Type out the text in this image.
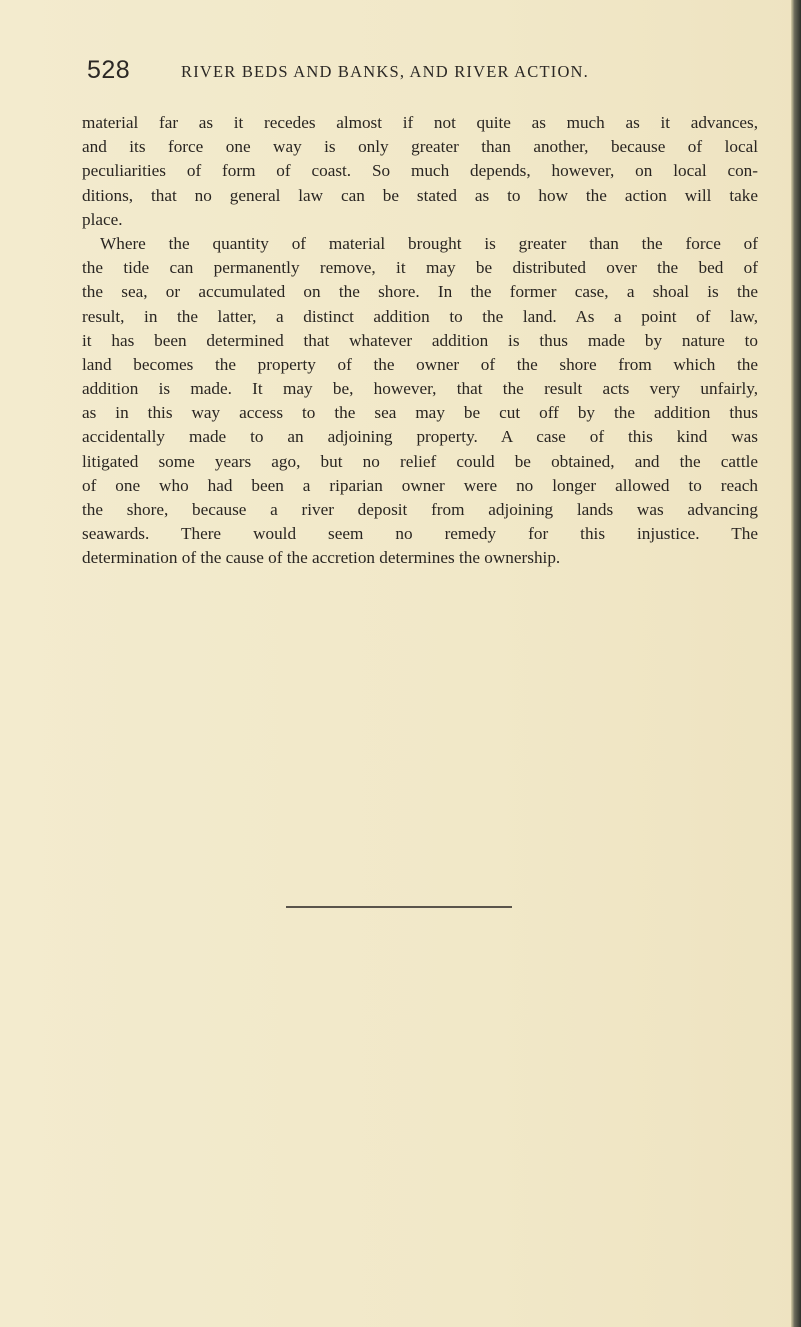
528	RIVER BEDS AND BANKS, AND RIVER ACTION.
material far as it recedes almost if not quite as much as it advances,
and its force one way is only greater than another, because of local
peculiarities of form of coast. So much depends, however, on local con-
ditions, that no general law can be stated as to how the action will take
place.
Where the quantity of material brought is greater than the force of
the tide can permanently remove, it may be distributed over the bed of
the sea, or accumulated on the shore. In the former case, a shoal is the
result, in the latter, a distinct addition to the land. As a point of law,
it has been determined that whatever addition is thus made by nature to
land becomes the property of the owner of the shore from which the
addition is made. It may be, however, that the result acts very unfairly,
as in this way access to the sea may be cut off by the addition thus
accidentally made to an adjoining property. A case of this kind was
litigated some years ago, but no relief could be obtained, and the cattle
of one who had been a riparian owner were no longer allowed to reach
the shore, because a river deposit from adjoining lands was advancing
seawards. There would seem no remedy for this injustice. The
determination of the cause of the accretion determines the ownership.
